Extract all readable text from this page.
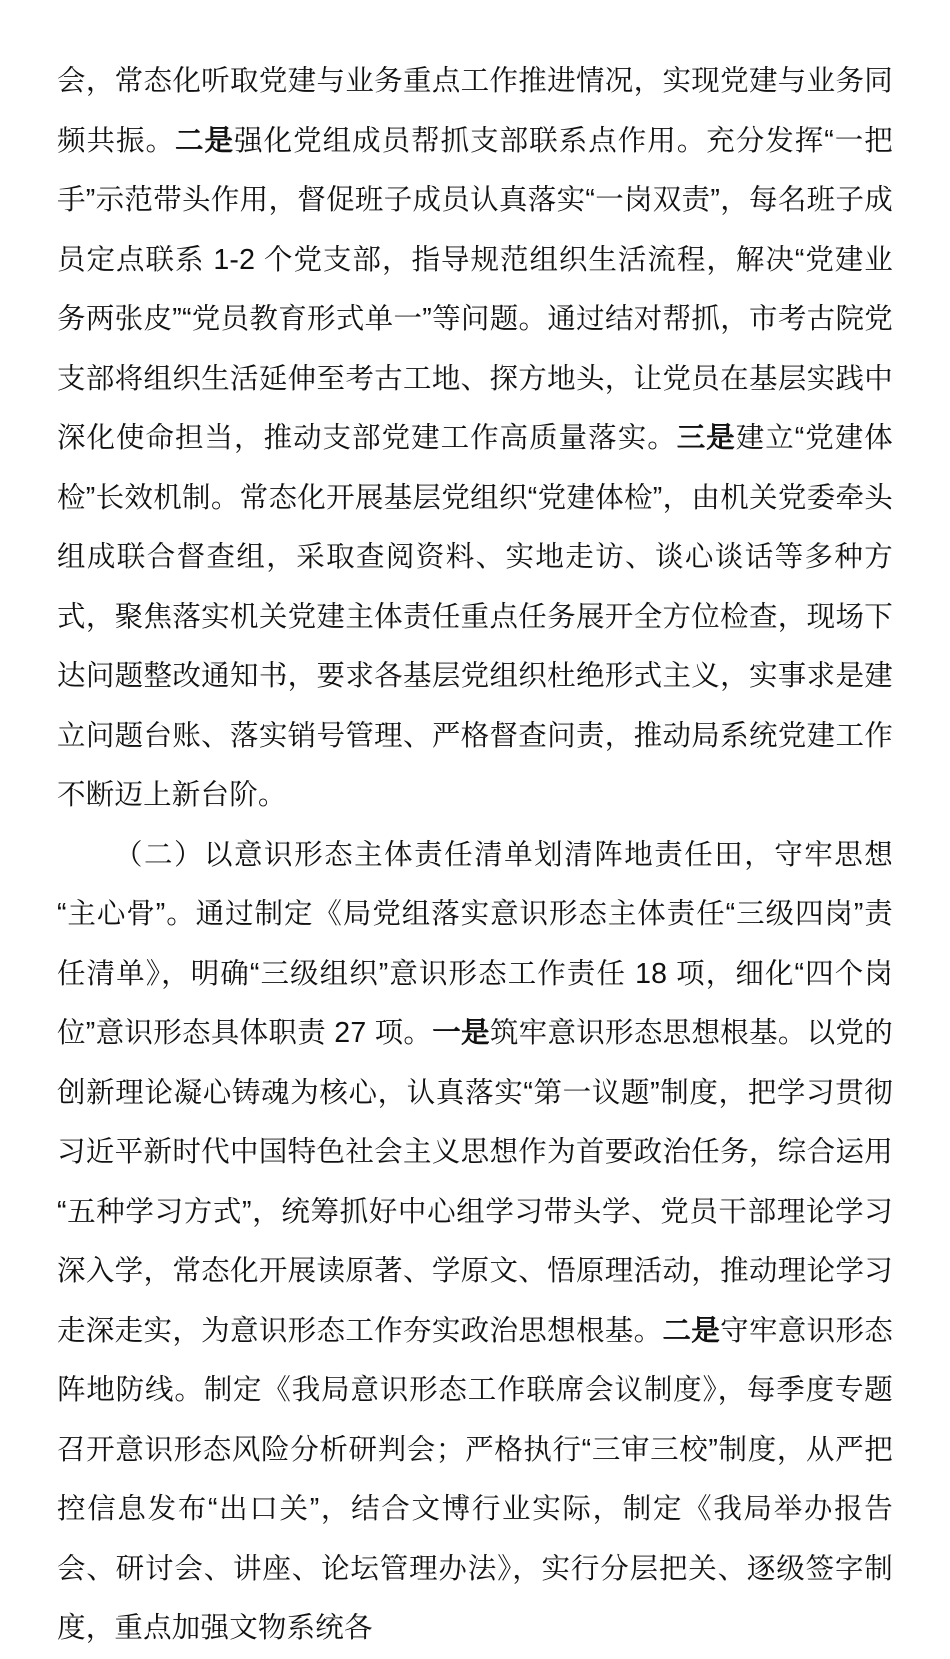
会，常态化听取党建与业务重点工作推进情况，实现党建与业务同频共振。二是强化党组成员帮抓支部联系点作用。充分发挥“一把手”示范带头作用，督促班子成员认真落实“一岗双责”，每名班子成员定点联系 1‑2 个党支部，指导规范组织生活流程，解决“党建业务两张皮”“党员教育形式单一”等问题。通过结对帮抓，市考古院党支部将组织生活延伸至考古工地、探方地头，让党员在基层实践中深化使命担当，推动支部党建工作高质量落实。三是建立“党建体检”长效机制。常态化开展基层党组织“党建体检”，由机关党委牵头组成联合督查组，采取查阅资料、实地走访、谈心谈话等多种方式，聚焦落实机关党建主体责任重点任务展开全方位检查，现场下达问题整改通知书，要求各基层党组织杜绝形式主义，实事求是建立问题台账、落实销号管理、严格督查问责，推动局系统党建工作不断迈上新台阶。

（二）以意识形态主体责任清单划清阵地责任田，守牢思想“主心骨”。通过制定《局党组落实意识形态主体责任“三级四岗”责任清单》，明确“三级组织”意识形态工作责任 18 项，细化“四个岗位”意识形态具体职责 27 项。一是筑牢意识形态思想根基。以党的创新理论凝心铸魂为核心，认真落实“第一议题”制度，把学习贯彻习近平新时代中国特色社会主义思想作为首要政治任务，综合运用“五种学习方式”，统筹抓好中心组学习带头学、党员干部理论学习深入学，常态化开展读原著、学原文、悟原理活动，推动理论学习走深走实，为意识形态工作夯实政治思想根基。二是守牢意识形态阵地防线。制定《我局意识形态工作联席会议制度》，每季度专题召开意识形态风险分析研判会；严格执行“三审三校”制度，从严把控信息发布“出口关”，结合文博行业实际，制定《我局举办报告会、研讨会、讲座、论坛管理办法》，实行分层把关、逐级签字制度，重点加强文物系统各
